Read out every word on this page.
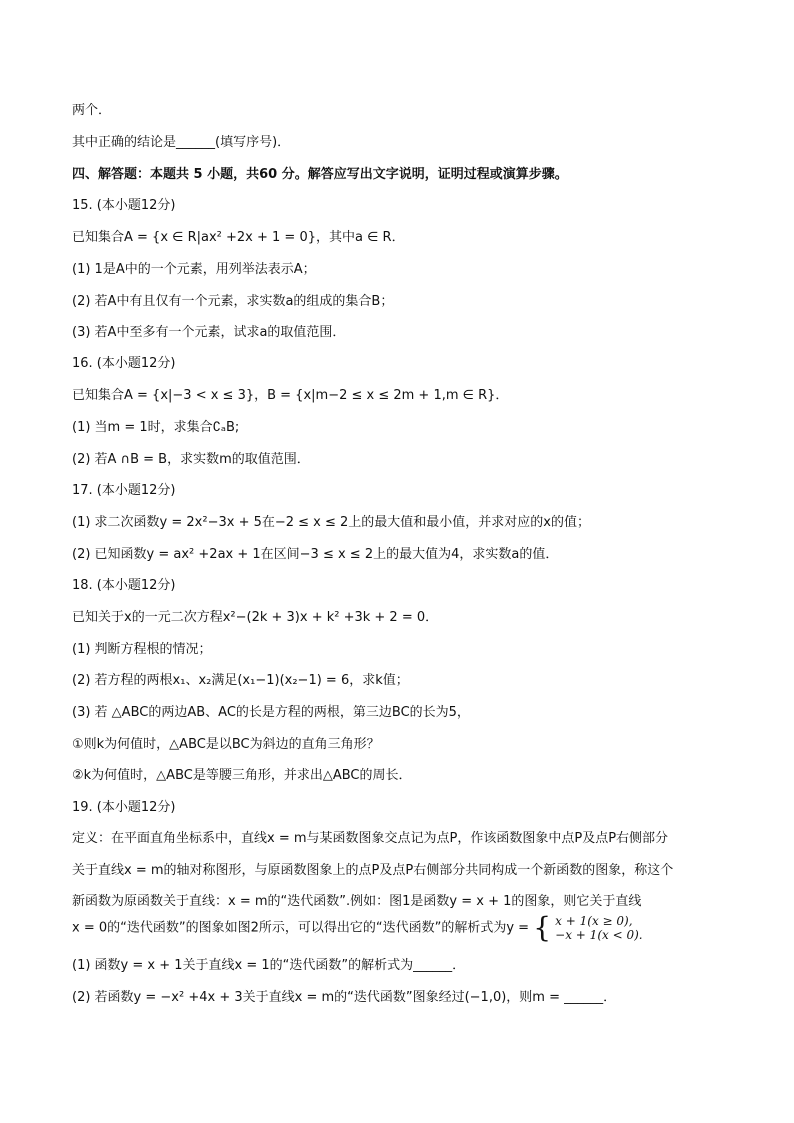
两个．
其中正确的结论是______(填写序号)．
四、解答题：本题共 5 小题，共60 分。解答应写出文字说明，证明过程或演算步骤。
15. (本小题12分)
已知集合A = {x ∈ R|ax² +2x + 1 = 0}，其中a ∈ R．
(1) 1是A中的一个元素，用列举法表示A；
(2) 若A中有且仅有一个元素，求实数a的组成的集合B；
(3) 若A中至多有一个元素，试求a的取值范围．
16. (本小题12分)
已知集合A = {x|−3 < x ≤ 3}，B = {x|m−2 ≤ x ≤ 2m + 1,m ∈ R}．
(1) 当m = 1时，求集合∁ₐB;
(2) 若A ∩B = B，求实数m的取值范围．
17. (本小题12分)
(1) 求二次函数y = 2x²−3x + 5在−2 ≤ x ≤ 2上的最大值和最小值，并求对应的x的值；
(2) 已知函数y = ax² +2ax + 1在区间−3 ≤ x ≤ 2上的最大值为4，求实数a的值．
18. (本小题12分)
已知关于x的一元二次方程x²−(2k + 3)x + k² +3k + 2 = 0．
(1) 判断方程根的情况；
(2) 若方程的两根x₁、x₂满足(x₁−1)(x₂−1) = 6，求k值；
(3) 若 △ABC的两边AB、AC的长是方程的两根，第三边BC的长为5，
①则k为何值时，△ABC是以BC为斜边的直角三角形？
②k为何值时，△ABC是等腰三角形，并求出△ABC的周长．
19. (本小题12分)
定义：在平面直角坐标系中，直线x = m与某函数图象交点记为点P，作该函数图象中点P及点P右侧部分
关于直线x = m的轴对称图形，与原函数图象上的点P及点P右侧部分共同构成一个新函数的图象，称这个
新函数为原函数关于直线：x = m的“迭代函数”.例如：图1是函数y = x + 1的图象，则它关于直线
x = 0的“迭代函数”的图象如图2所示，可以得出它的“迭代函数”的解析式为y = { x + 1(x ≥ 0),
−x + 1(x < 0).
(1) 函数y = x + 1关于直线x = 1的“迭代函数”的解析式为______．
(2) 若函数y = −x² +4x + 3关于直线x = m的“迭代函数”图象经过(−1,0)，则m = ______．
